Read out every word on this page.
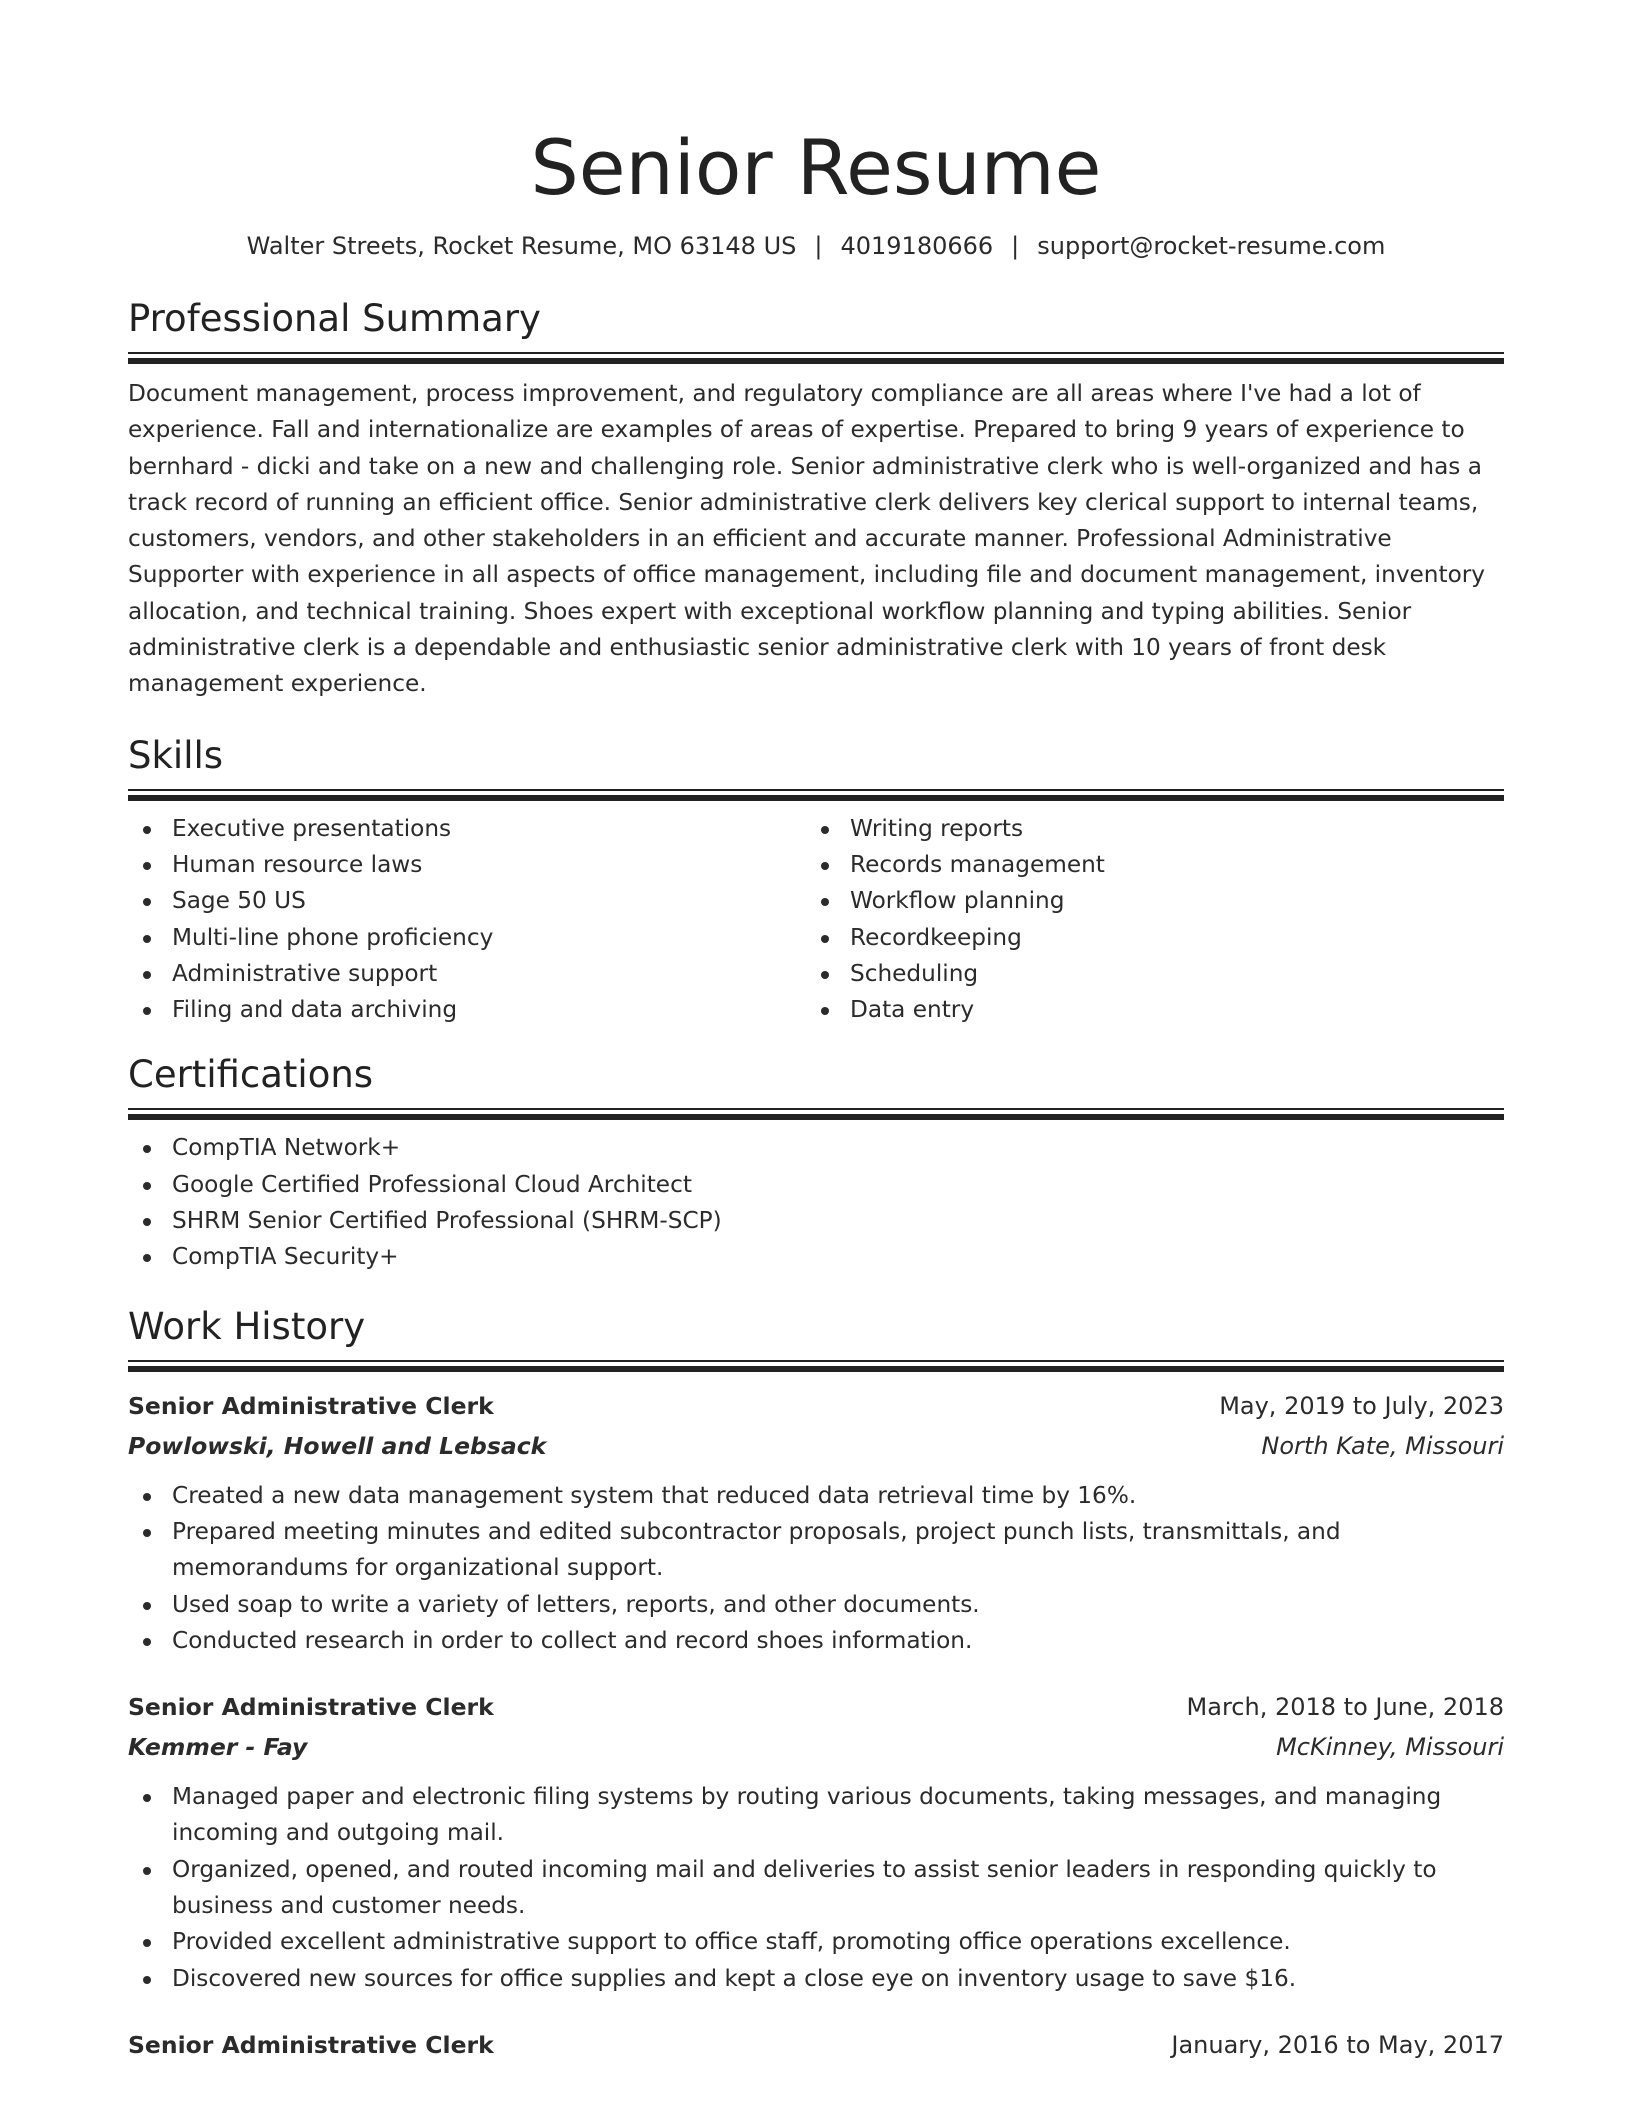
Senior Resume
Walter Streets, Rocket Resume, MO 63148 US | 4019180666 | support@rocket-resume.com
Professional Summary

Document management, process improvement, and regulatory compliance are all areas where I've had a lot of experience. Fall and internationalize are examples of areas of expertise. Prepared to bring 9 years of experience to bernhard - dicki and take on a new and challenging role. Senior administrative clerk who is well-organized and has a track record of running an efficient office. Senior administrative clerk delivers key clerical support to internal teams, customers, vendors, and other stakeholders in an efficient and accurate manner. Professional Administrative Supporter with experience in all aspects of office management, including file and document management, inventory allocation, and technical training. Shoes expert with exceptional workflow planning and typing abilities. Senior administrative clerk is a dependable and enthusiastic senior administrative clerk with 10 years of front desk management experience.

Skills
Executive presentations
Human resource laws
Sage 50 US
Multi-line phone proficiency
Administrative support
Filing and data archiving
Writing reports
Records management
Workflow planning
Recordkeeping
Scheduling
Data entry
Certifications
CompTIA Network+
Google Certified Professional Cloud Architect
SHRM Senior Certified Professional (SHRM-SCP)
CompTIA Security+
Work History
Senior Administrative Clerk	May, 2019 to July, 2023
Powlowski, Howell and Lebsack	North Kate, Missouri
Created a new data management system that reduced data retrieval time by 16%.
Prepared meeting minutes and edited subcontractor proposals, project punch lists, transmittals, and memorandums for organizational support.
Used soap to write a variety of letters, reports, and other documents.
Conducted research in order to collect and record shoes information.
Senior Administrative Clerk	March, 2018 to June, 2018
Kemmer - Fay	McKinney, Missouri
Managed paper and electronic filing systems by routing various documents, taking messages, and managing incoming and outgoing mail.
Organized, opened, and routed incoming mail and deliveries to assist senior leaders in responding quickly to business and customer needs.
Provided excellent administrative support to office staff, promoting office operations excellence.
Discovered new sources for office supplies and kept a close eye on inventory usage to save $16.
Senior Administrative Clerk	January, 2016 to May, 2017
